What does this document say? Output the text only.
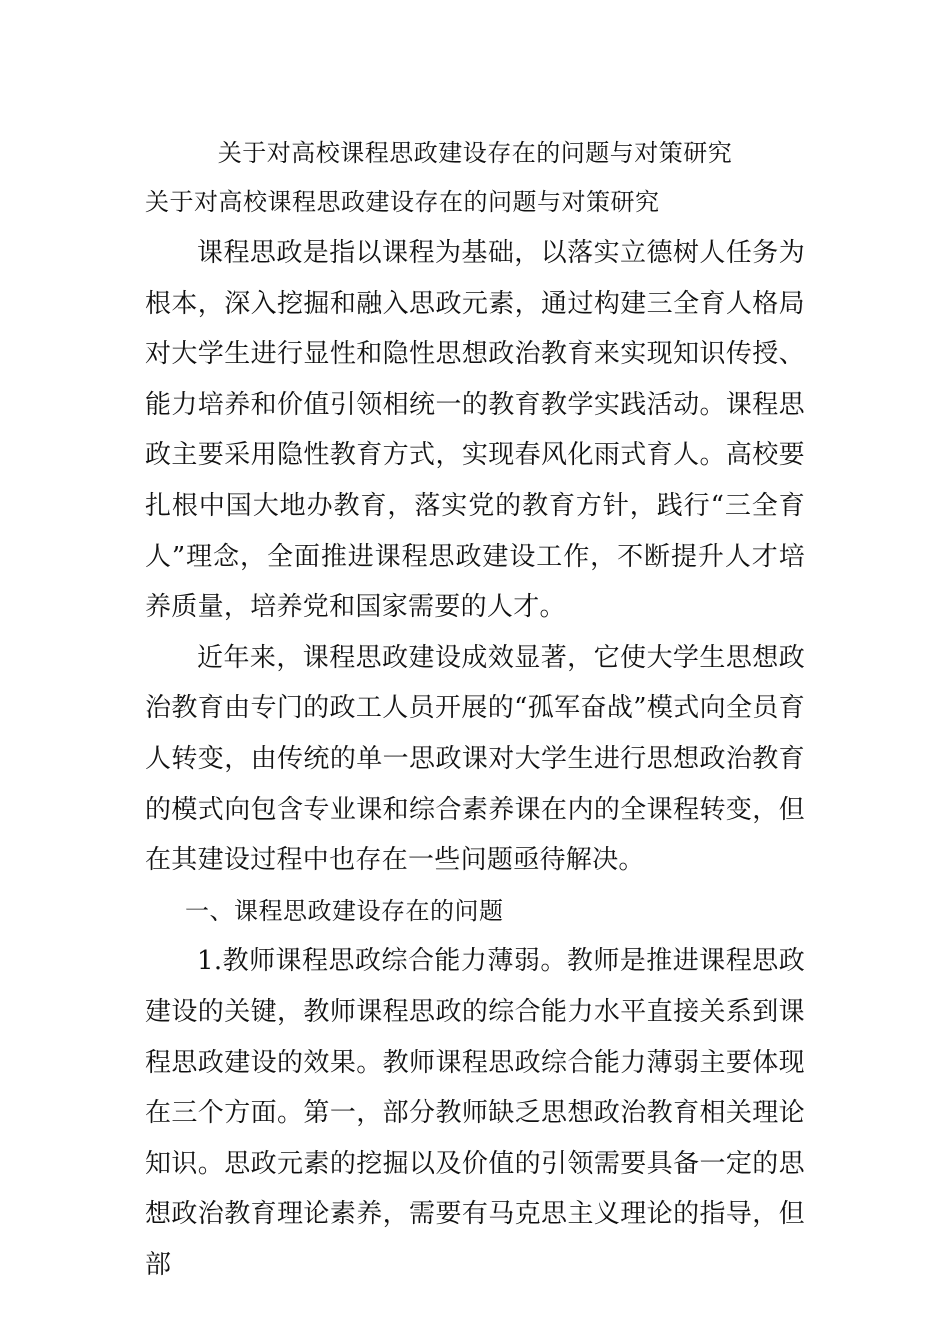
关于对高校课程思政建设存在的问题与对策研究
关于对高校课程思政建设存在的问题与对策研究

课程思政是指以课程为基础，以落实立德树人任务为根本，深入挖掘和融入思政元素，通过构建三全育人格局对大学生进行显性和隐性思想政治教育来实现知识传授、能力培养和价值引领相统一的教育教学实践活动。课程思政主要采用隐性教育方式，实现春风化雨式育人。高校要扎根中国大地办教育，落实党的教育方针，践行“三全育人”理念，全面推进课程思政建设工作，不断提升人才培养质量，培养党和国家需要的人才。

近年来，课程思政建设成效显著，它使大学生思想政治教育由专门的政工人员开展的“孤军奋战”模式向全员育人转变，由传统的单一思政课对大学生进行思想政治教育的模式向包含专业课和综合素养课在内的全课程转变，但在其建设过程中也存在一些问题亟待解决。

一、课程思政建设存在的问题

1.教师课程思政综合能力薄弱。教师是推进课程思政建设的关键，教师课程思政的综合能力水平直接关系到课程思政建设的效果。教师课程思政综合能力薄弱主要体现在三个方面。第一，部分教师缺乏思想政治教育相关理论知识。思政元素的挖掘以及价值的引领需要具备一定的思想政治教育理论素养，需要有马克思主义理论的指导，但部
